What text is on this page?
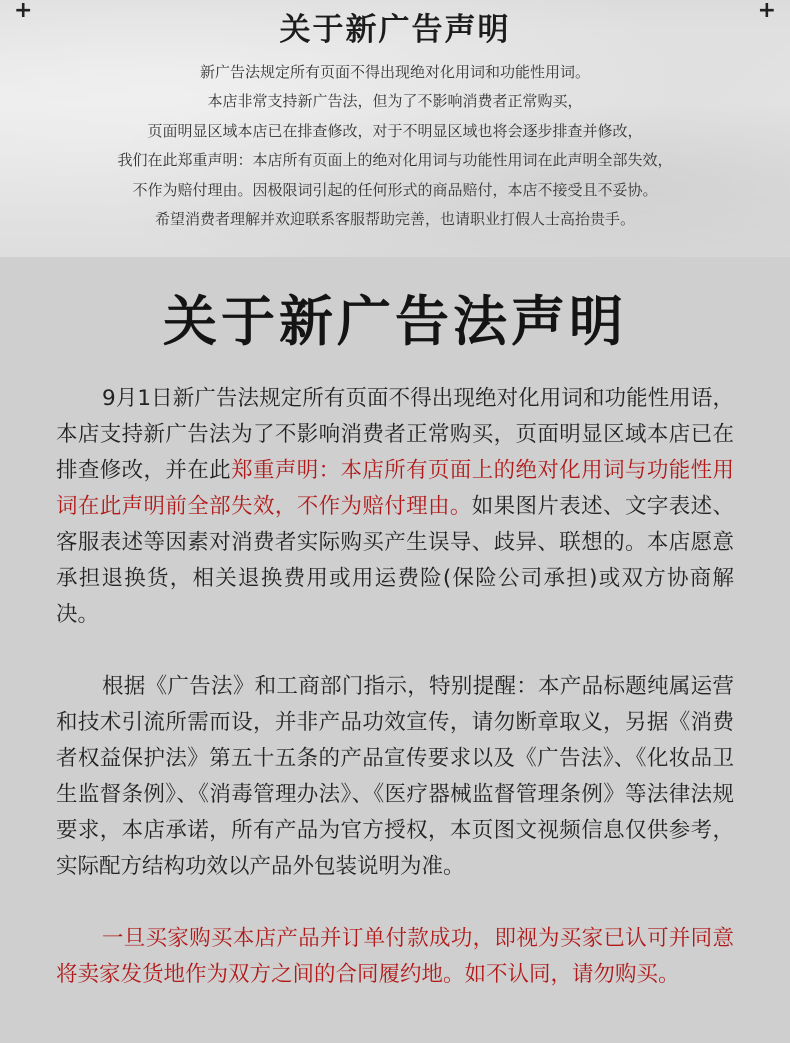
+	+
关于新广告声明
新广告法规定所有页面不得出现绝对化用词和功能性用词。
本店非常支持新广告法，但为了不影响消费者正常购买，
页面明显区域本店已在排查修改，对于不明显区域也将会逐步排查并修改，
我们在此郑重声明：本店所有页面上的绝对化用词与功能性用词在此声明全部失效，
不作为赔付理由。因极限词引起的任何形式的商品赔付，本店不接受且不妥协。
希望消费者理解并欢迎联系客服帮助完善，也请职业打假人士高抬贵手。
关于新广告法声明

9月1日新广告法规定所有页面不得出现绝对化用词和功能性用语，本店支持新广告法为了不影响消费者正常购买，页面明显区域本店已在排查修改，并在此郑重声明：本店所有页面上的绝对化用词与功能性用词在此声明前全部失效，不作为赔付理由。如果图片表述、文字表述、客服表述等因素对消费者实际购买产生误导、歧异、联想的。本店愿意承担退换货，相关退换费用或用运费险(保险公司承担)或双方协商解决。

根据《广告法》和工商部门指示，特别提醒：本产品标题纯属运营和技术引流所需而设，并非产品功效宣传，请勿断章取义，另据《消费者权益保护法》第五十五条的产品宣传要求以及《广告法》、《化妆品卫生监督条例》、《消毒管理办法》、《医疗器械监督管理条例》等法律法规要求，本店承诺，所有产品为官方授权，本页图文视频信息仅供参考，实际配方结构功效以产品外包装说明为准。

一旦买家购买本店产品并订单付款成功，即视为买家已认可并同意将卖家发货地作为双方之间的合同履约地。如不认同，请勿购买。
